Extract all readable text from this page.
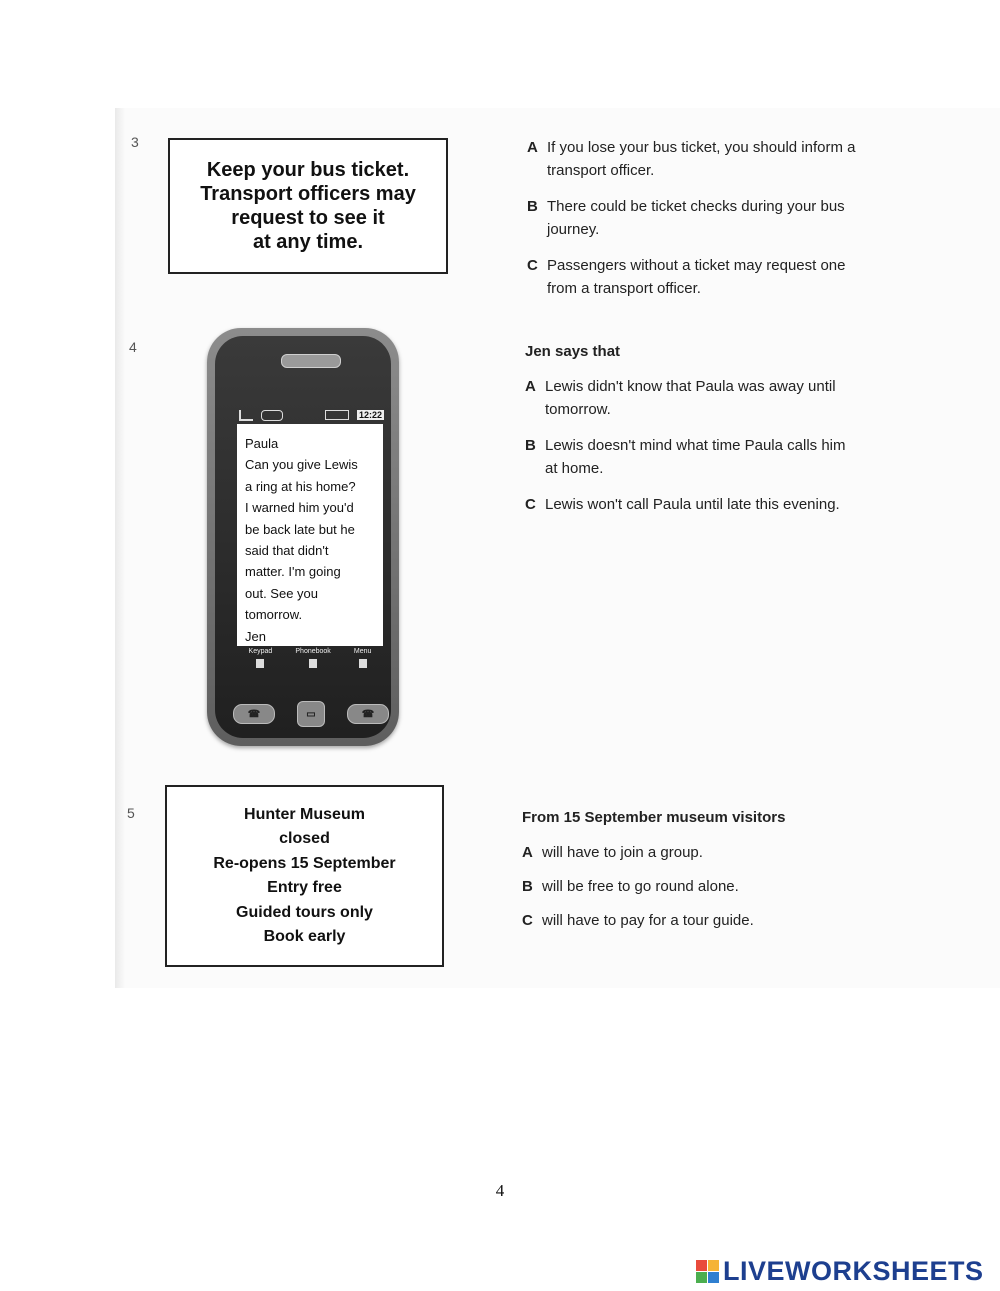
3
Keep your bus ticket.
Transport officers may
request to see it
at any time.
A If you lose your bus ticket, you should inform a transport officer.
B There could be ticket checks during your bus journey.
C Passengers without a ticket may request one from a transport officer.
4
12:22
Paula
Can you give Lewis
a ring at his home?
I warned him you'd
be back late but he
said that didn't
matter. I'm going
out. See you
tomorrow.
Jen
Keypad	Phonebook	Menu
☎	▭	☎
Jen says that
A Lewis didn't know that Paula was away until tomorrow.
B Lewis doesn't mind what time Paula calls him at home.
C Lewis won't call Paula until late this evening.
5	Hunter Museum
closed
Re-opens 15 September
Entry free
Guided tours only
Book early
From 15 September museum visitors
A will have to join a group.
B will be free to go round alone.
C will have to pay for a tour guide.
4
LIVEWORKSHEETS
